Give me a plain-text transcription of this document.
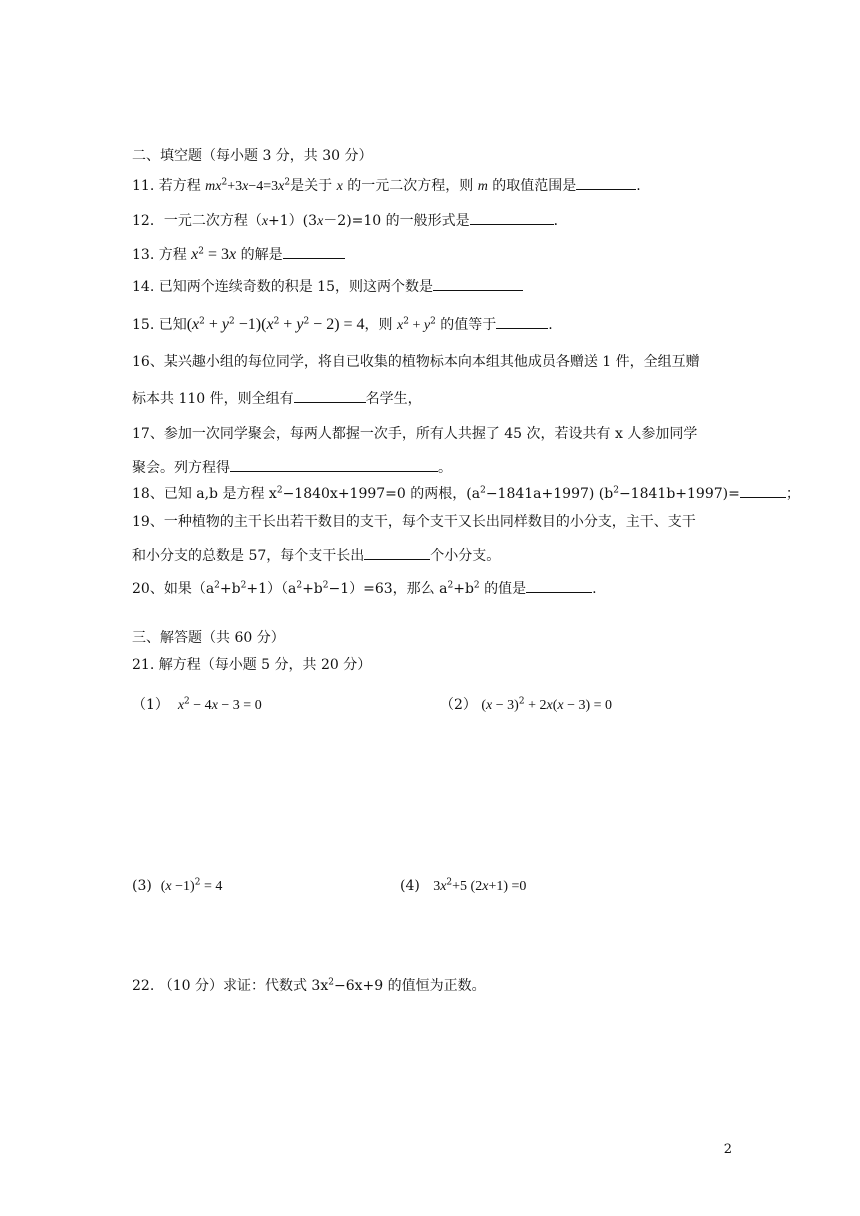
二、填空题（每小题 3 分，共 30 分）
11. 若方程 $mx^2+3x-4=3x^2$是关于 x 的一元二次方程，则 m 的取值范围是	.
12．一元二次方程（x+1）(3x－2)=10 的一般形式是	．
13. 方程 $x^2 = 3x$ 的解是
14. 已知两个连续奇数的积是 15，则这两个数是
15. 已知$(x^2 + y^2 -1)(x^2 + y^2 - 2) = 4$，则 $x^2 + y^2$ 的值等于	.
16、某兴趣小组的每位同学，将自已收集的植物标本向本组其他成员各赠送 1 件，全组互赠
标本共 110 件，则全组有	名学生，
17、参加一次同学聚会，每两人都握一次手，所有人共握了 45 次，若设共有 x 人参加同学
聚会。列方程得	。
18、已知 a,b 是方程 $x^2-1840x+1997=0$ 的两根，$(a^2-1841a+1997)$ $(b^2-1841b+1997)=$	；
19、一种植物的主干长出若干数目的支干，每个支干又长出同样数目的小分支，主干、支干
和小分支的总数是 57，每个支干长出	个小分支。
20、如果$(a^2+b^2+1)(a^2+b^2-1)=63$，那么 $a^2+b^2$ 的值是	.
三、解答题（共 60 分）
21. 解方程（每小题 5 分，共 20 分）
（1） $x^2 - 4x - 3 = 0$	（2） $(x - 3)^2 + 2x(x - 3) = 0$
(3) $(x -1)^2 = 4$	(4) $3x^2+5$ (2x+1) =0
22. （10 分）求证：代数式 $3x^2-6x+9$ 的值恒为正数。
2
